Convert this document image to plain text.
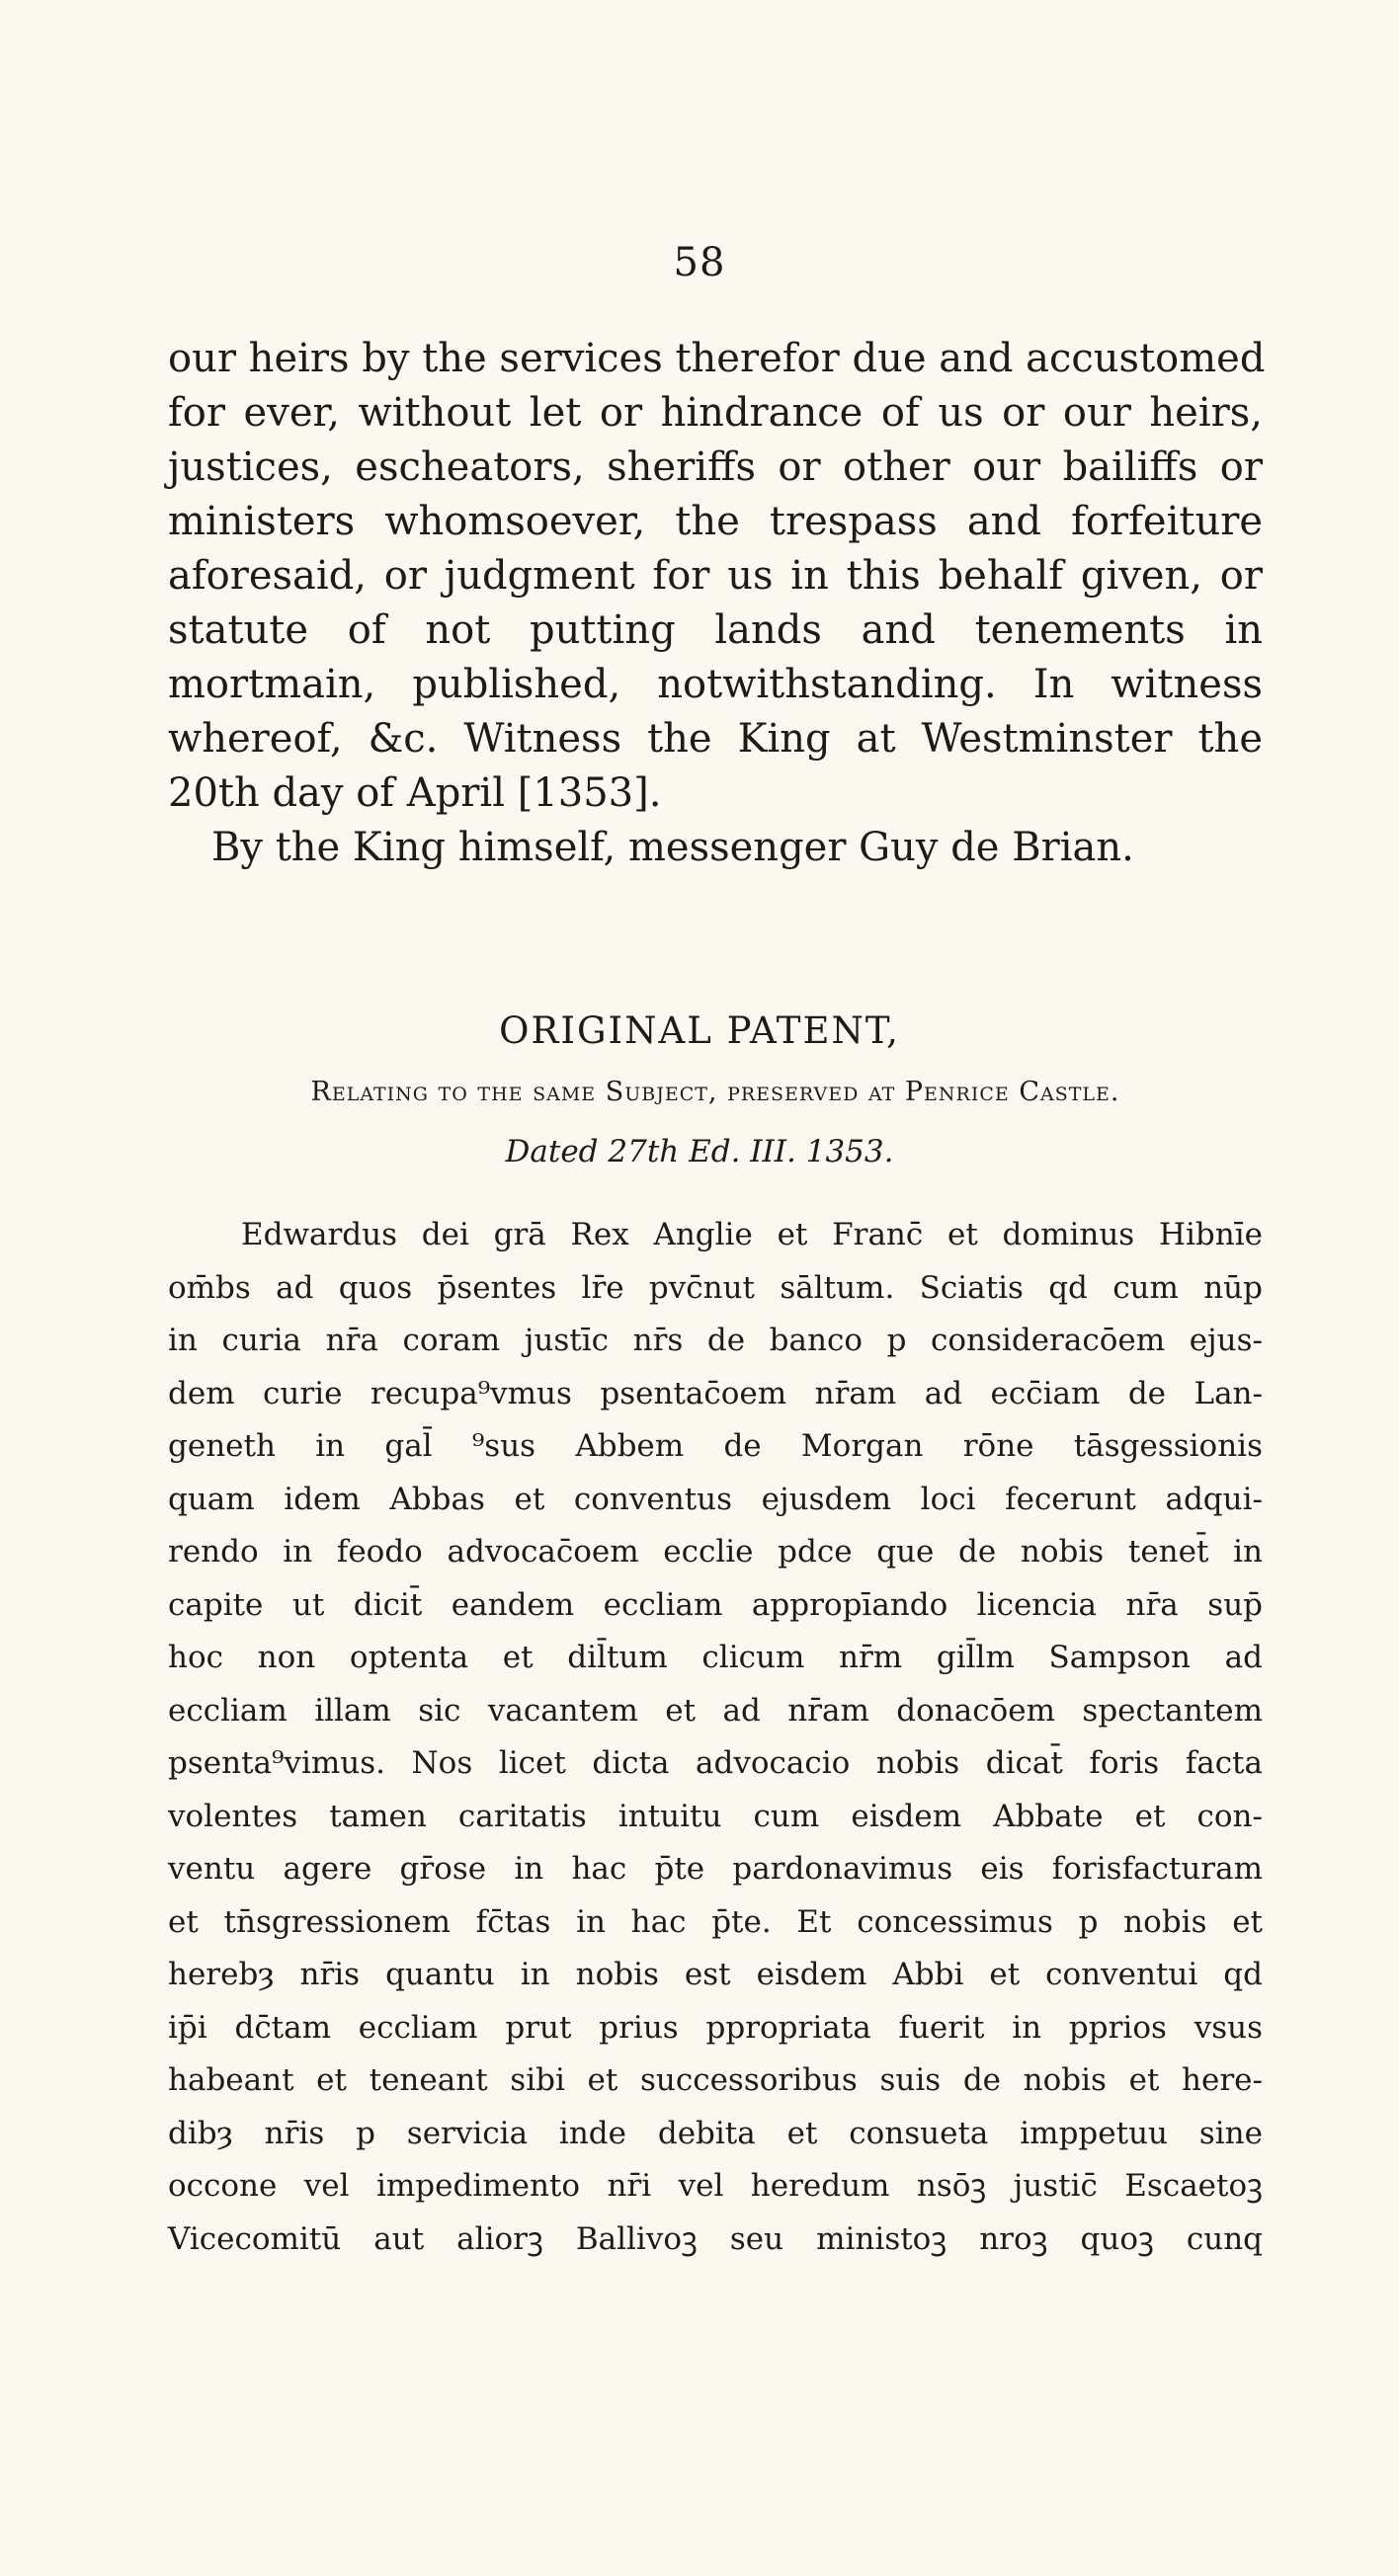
58
our heirs by the services therefor due and accustomed
for ever, without let or hindrance of us or our heirs,
justices, escheators, sheriffs or other our bailiffs or
ministers whomsoever, the trespass and forfeiture
aforesaid, or judgment for us in this behalf given, or
statute of not putting lands and tenements in
mortmain, published, notwithstanding. In witness
whereof, &c. Witness the King at Westminster the
20th day of April [1353].
By the King himself, messenger Guy de Brian.
ORIGINAL PATENT,
Relating to the same Subject, preserved at Penrice Castle.
Dated 27th Ed. III. 1353.
Edwardus dei grā Rex Anglie et Franc̄ et dominus Hibnīe
om̄bs ad quos p̄sentes lr̄e pvc̄nut sāltum. Sciatis qd cum nūp
in curia nr̄a coram justīc nr̄s de banco p consideracōem ejus-
dem curie recupa⁹vmus psentac̄oem nr̄am ad ecc̄iam de Lan-
geneth in gal̄ ⁹sus Abbem de Morgan rōne tāsgessionis
quam idem Abbas et conventus ejusdem loci fecerunt adqui-
rendo in feodo advocac̄oem ecclie pdce que de nobis tenet̄ in
capite ut dicit̄ eandem eccliam appropīando licencia nr̄a sup̄
hoc non optenta et dil̄tum clicum nr̄m gil̄lm Sampson ad
eccliam illam sic vacantem et ad nr̄am donacōem spectantem
psenta⁹vimus. Nos licet dicta advocacio nobis dicat̄ foris facta
volentes tamen caritatis intuitu cum eisdem Abbate et con-
ventu agere gr̄ose in hac p̄te pardonavimus eis forisfacturam
et tn̄sgressionem fc̄tas in hac p̄te. Et concessimus p nobis et
herebȝ nr̄is quantu in nobis est eisdem Abbi et conventui qd
ip̄i dc̄tam eccliam prut prius ppropriata fuerit in pprios vsus
habeant et teneant sibi et successoribus suis de nobis et here-
dibȝ nr̄is p servicia inde debita et consueta imppetuu sine
occone vel impedimento nr̄i vel heredum nsōꝫ justic̄ Escaetoꝫ
Vicecomitū aut aliorꝫ Ballivoꝫ seu ministoꝫ nroꝫ quoꝫ cunq
